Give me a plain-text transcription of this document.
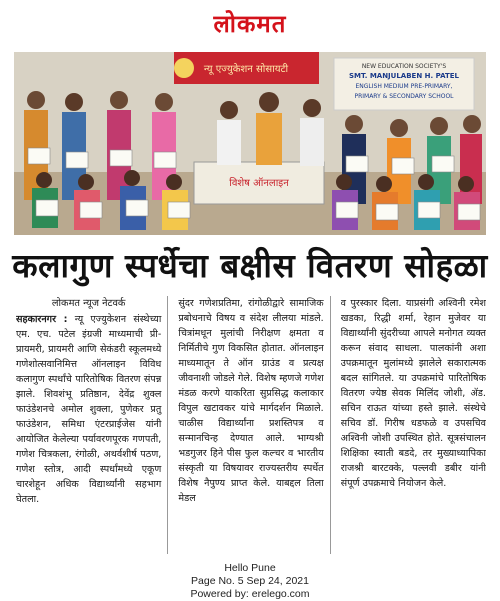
लोकमत
न्यू एज्युकेशन सोसायटी	NEW EDUCATION SOCIETY'S
SMT. MANJULABEN H. PATEL
ENGLISH MEDIUM PRE-PRIMARY,
PRIMARY & SECONDARY SCHOOL
विशेष ऑनलाइन
कलागुण स्पर्धेचा बक्षीस वितरण सोहळा
लोकमत न्यूज नेटवर्क
सहकारनगर : न्यू एज्युकेशन संस्थेच्या एम. एच. पटेल इंग्रजी माध्यमाची प्री-प्रायमरी, प्रायमरी आणि सेकंडरी स्कूलमध्ये गणेशोत्सवानिमित्त ऑनलाइन विविध कलागुण स्पर्धांचे पारितोषिक वितरण संपन्न झाले. शिवशंभू प्रतिष्ठान, देवेंद्र शुक्ल फाउंडेशनचे अमोल शुक्ला, पुणेकर प्रतु फाउंडेशन, समिधा एंटरप्राईजेस यांनी आयोजित केलेल्या पर्यावरणपूरक गणपती, गणेश चित्रकला, रंगोळी, अथर्वशीर्ष पठण, गणेश स्तोत्र, आदी स्पर्धांमध्ये एकूण चारशेहून अधिक विद्यार्थ्यांनी सहभाग घेतला.
सुंदर गणेशप्रतिमा, रांगोळीद्वारे सामाजिक प्रबोधनाचे विषय व संदेश लीलया मांडले. चित्रांमधून मुलांची निरीक्षण क्षमता व निर्मितीचे गुण विकसित होतात. ऑनलाइन माध्यमातून ते ऑन ग्राउंड व प्रत्यक्ष जीवनाशी जोडले गेले. विशेष म्हणजे गणेश मंडळ करणे याकरिता सुप्रसिद्ध कलाकार विपुल खटावकर यांचे मार्गदर्शन मिळाले. चाळीस विद्यार्थ्यांना प्रशस्तिपत्र व सन्मानचिन्ह देण्यात आले. भाग्यश्री भडगुजर हिने पीस फुल कल्चर व भारतीय संस्कृती या विषयावर राज्यस्तरीय स्पर्धेत विशेष नैपुण्य प्राप्त केले. याबद्दल तिला मेडल
व पुरस्कार दिला. याप्रसंगी अश्विनी रमेश खडका, रिद्धी शर्मा, रेहान मुजेवर या विद्यार्थ्यांनी सुंदरीच्या आपले मनोगत व्यक्त करून संवाद साधला. पालकांनी अशा उपक्रमातून मुलांमध्ये झालेले सकारात्मक बदल सांगितले. या उपक्रमांचे पारितोषिक वितरण ज्येष्ठ सेवक मिलिंद जोशी, ॲड. सचिन राऊत यांच्या हस्ते झाले. संस्थेचे सचिव डॉ. गिरीष धडफळे व उपसचिव अश्विनी जोशी उपस्थित होते. सूत्रसंचालन शिक्षिका स्वाती बडदे, तर मुख्याध्यापिका राजश्री बारटक्के, पल्लवी डबीर यांनी संपूर्ण उपक्रमाचे नियोजन केले.
Hello Pune
Page No. 5 Sep 24, 2021
Powered by: erelego.com
